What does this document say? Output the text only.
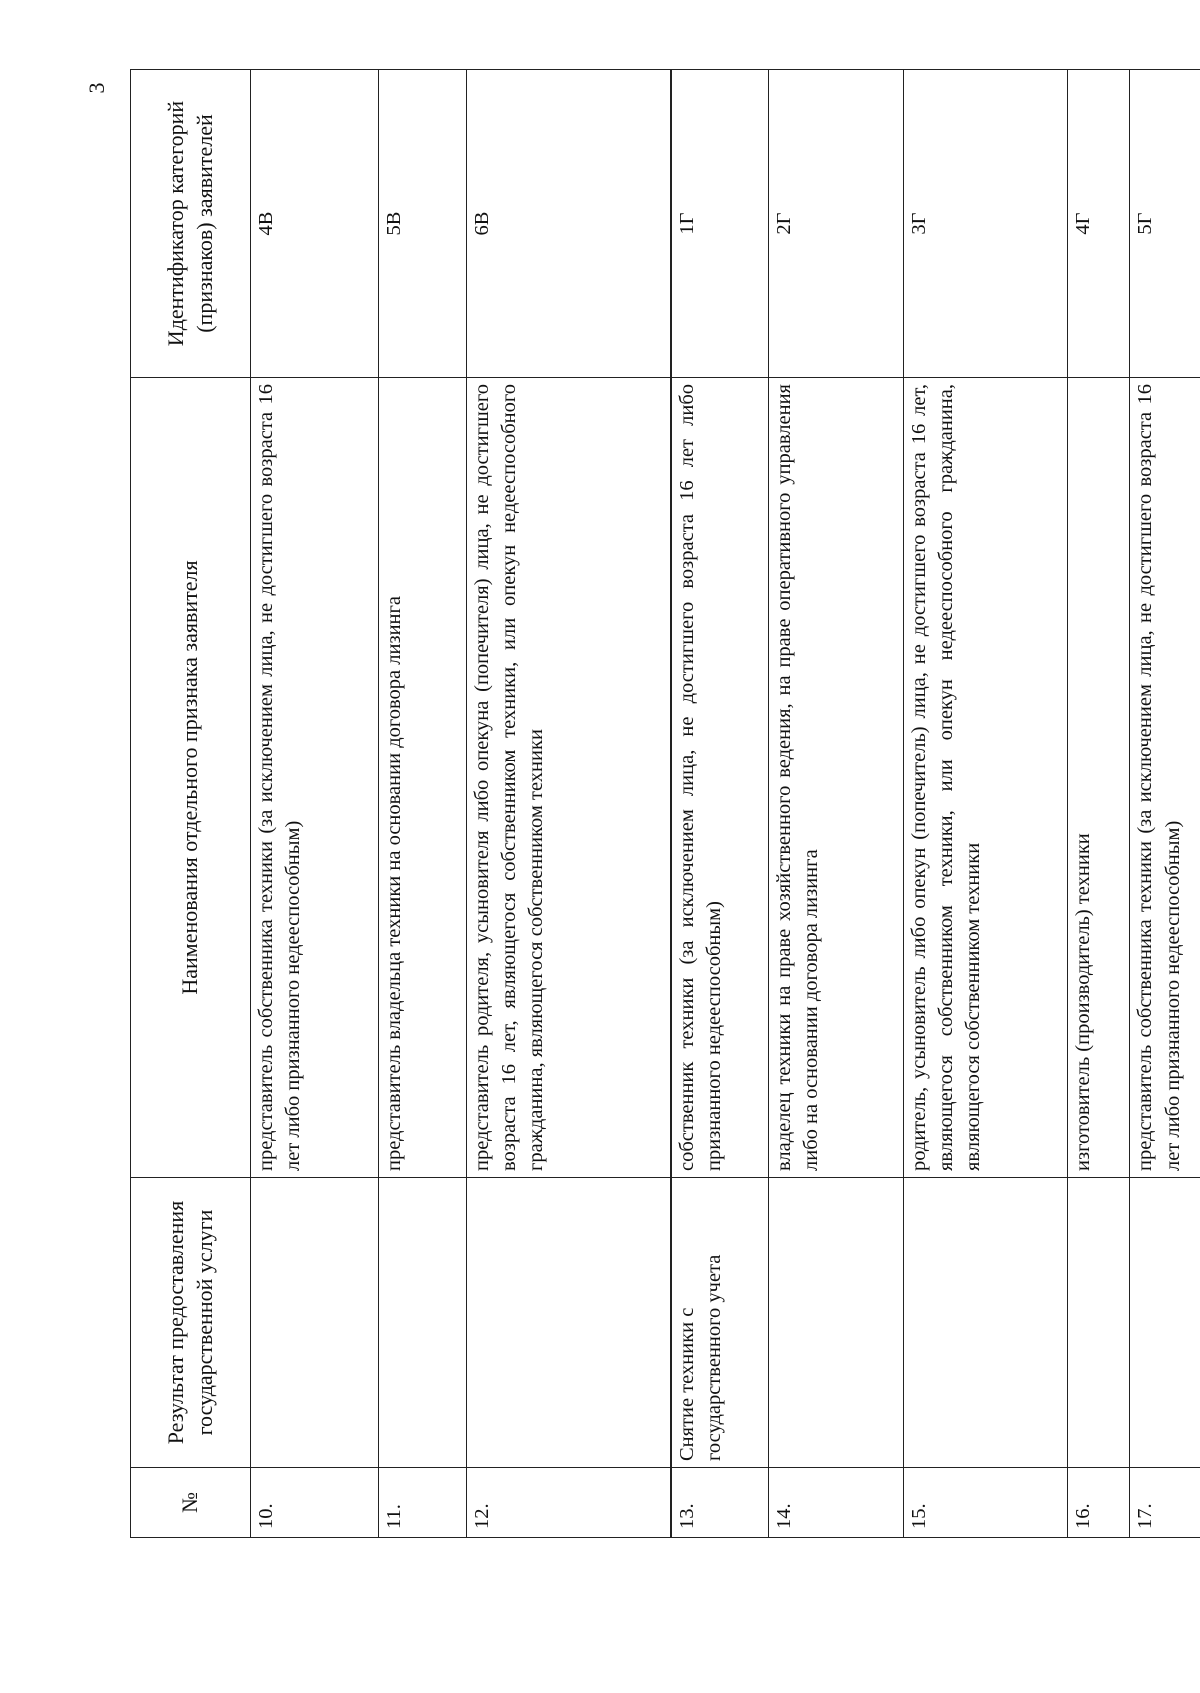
3
№	Результат предоставления государственной услуги	Наименования отдельного признака заявителя	Идентификатор категорий (признаков) заявителей
10.		представитель собственника техники (за исключением лица, не достигшего возраста 16 лет либо признанного недееспособным)	4В
11.		представитель владельца техники на основании договора лизинга	5В
12.		представитель родителя, усыновителя либо опекуна (попечителя) лица, не достигшего возраста 16 лет, являющегося собственником техники, или опекун недееспособного гражданина, являющегося собственником техники	6В
13.	Снятие техники с государственного учета	собственник техники (за исключением лица, не достигшего возраста 16 лет либо признанного недееспособным)	1Г
14.		владелец техники на праве хозяйственного ведения, на праве оперативного управления либо на основании договора лизинга	2Г
15.		родитель, усыновитель либо опекун (попечитель) лица, не достигшего возраста 16 лет, являющегося собственником техники, или опекун недееспособного гражданина, являющегося собственником техники	3Г
16.		изготовитель (производитель) техники	4Г
17.		представитель собственника техники (за исключением лица, не достигшего возраста 16 лет либо признанного недееспособным)	5Г
